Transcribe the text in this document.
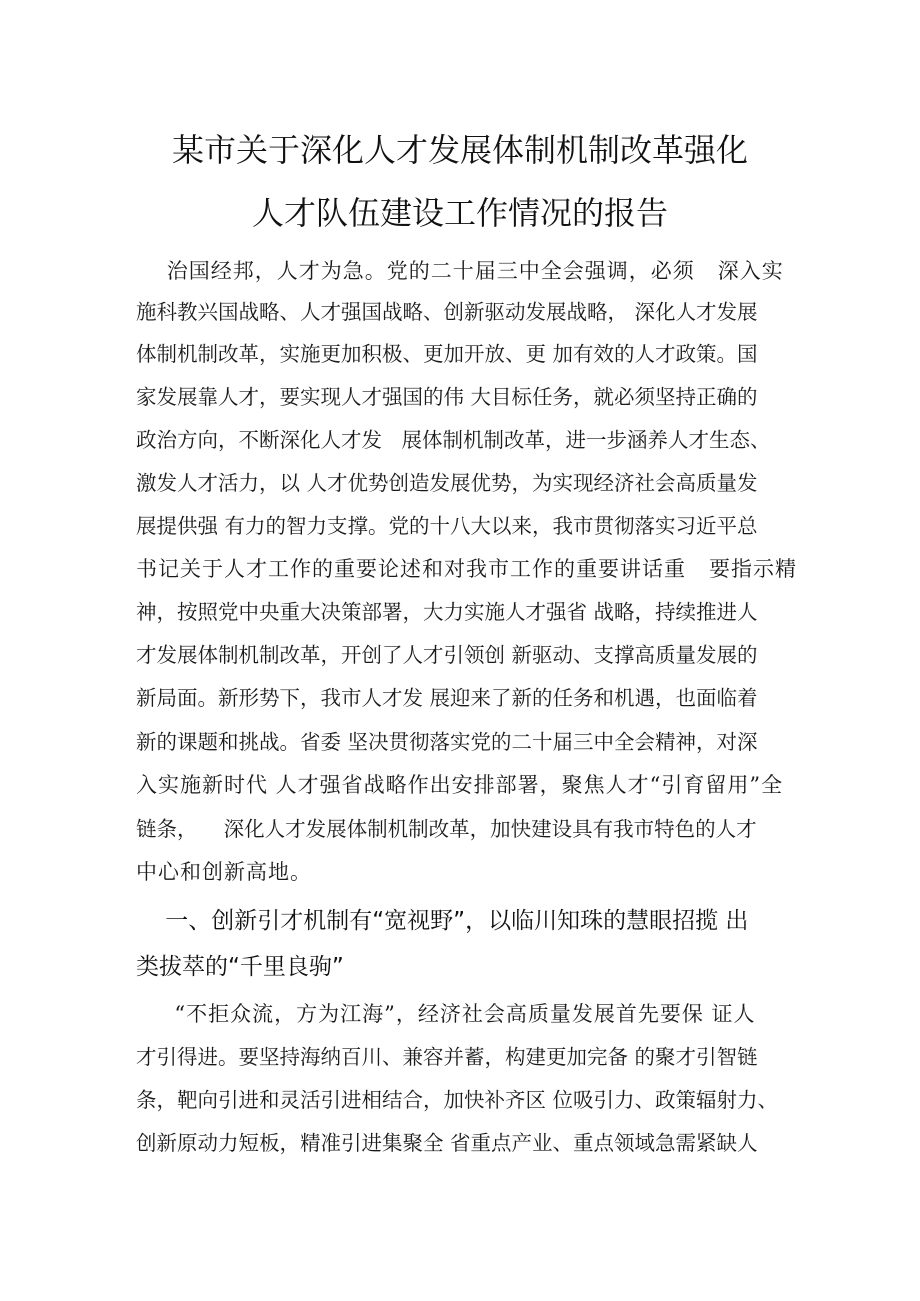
某市关于深化人才发展体制机制改革强化
人才队伍建设工作情况的报告

治国经邦，人才为急。党的二十届三中全会强调，必须   深入实

施科教兴国战略、人才强国战略、创新驱动发展战略， 深化人才发展

体制机制改革，实施更加积极、更加开放、更 加有效的人才政策。国

家发展靠人才，要实现人才强国的伟 大目标任务，就必须坚持正确的

政治方向，不断深化人才发   展体制机制改革，进一步涵养人才生态、

激发人才活力，以 人才优势创造发展优势，为实现经济社会高质量发

展提供强 有力的智力支撑。党的十八大以来，我市贯彻落实习近平总

书记关于人才工作的重要论述和对我市工作的重要讲话重   要指示精

神，按照党中央重大决策部署，大力实施人才强省 战略，持续推进人

才发展体制机制改革，开创了人才引领创 新驱动、支撑高质量发展的

新局面。新形势下，我市人才发 展迎来了新的任务和机遇，也面临着

新的课题和挑战。省委 坚决贯彻落实党的二十届三中全会精神，对深

入实施新时代 人才强省战略作出安排部署，聚焦人才“引育留用”全

链条，    深化人才发展体制机制改革，加快建设具有我市特色的人才

中心和创新高地。

一、创新引才机制有“宽视野”，以临川知珠的慧眼招揽 出

类拔萃的“千里良驹”

“不拒众流，方为江海”，经济社会高质量发展首先要保 证人

才引得进。要坚持海纳百川、兼容并蓄，构建更加完备 的聚才引智链

条，靶向引进和灵活引进相结合，加快补齐区 位吸引力、政策辐射力、

创新原动力短板，精准引进集聚全 省重点产业、重点领域急需紧缺人
